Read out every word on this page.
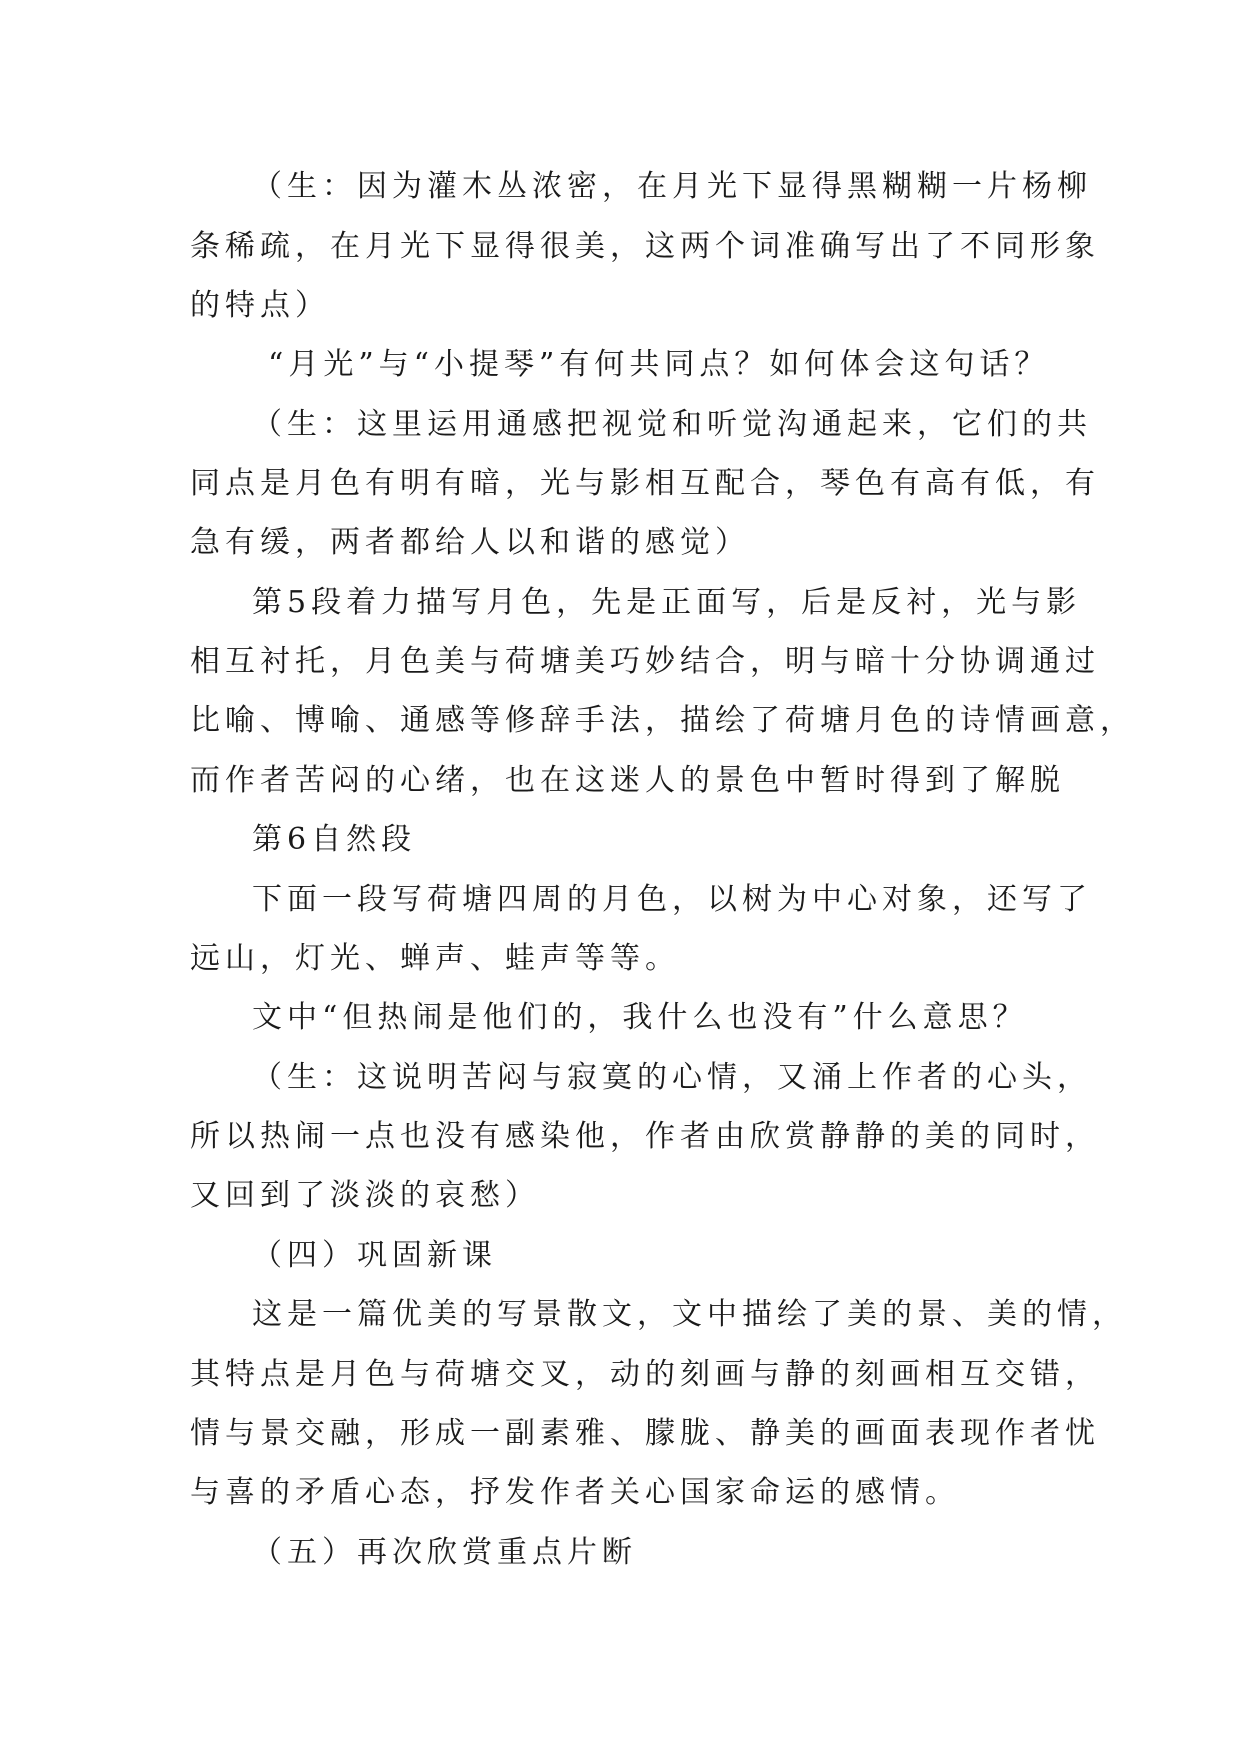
（生：因为灌木丛浓密，在月光下显得黑糊糊一片杨柳
条稀疏，在月光下显得很美，这两个词准确写出了不同形象
的特点）
“月光”与“小提琴”有何共同点？如何体会这句话？
（生：这里运用通感把视觉和听觉沟通起来，它们的共
同点是月色有明有暗，光与影相互配合，琴色有高有低，有
急有缓，两者都给人以和谐的感觉）
第5段着力描写月色，先是正面写，后是反衬，光与影
相互衬托，月色美与荷塘美巧妙结合，明与暗十分协调通过
比喻、博喻、通感等修辞手法，描绘了荷塘月色的诗情画意，
而作者苦闷的心绪，也在这迷人的景色中暂时得到了解脱
第6自然段
下面一段写荷塘四周的月色，以树为中心对象，还写了
远山，灯光、蝉声、蛙声等等。
文中“但热闹是他们的，我什么也没有”什么意思？
（生：这说明苦闷与寂寞的心情，又涌上作者的心头，
所以热闹一点也没有感染他，作者由欣赏静静的美的同时，
又回到了淡淡的哀愁）
（四）巩固新课
这是一篇优美的写景散文，文中描绘了美的景、美的情，
其特点是月色与荷塘交叉，动的刻画与静的刻画相互交错，
情与景交融，形成一副素雅、朦胧、静美的画面表现作者忧
与喜的矛盾心态，抒发作者关心国家命运的感情。
（五）再次欣赏重点片断
